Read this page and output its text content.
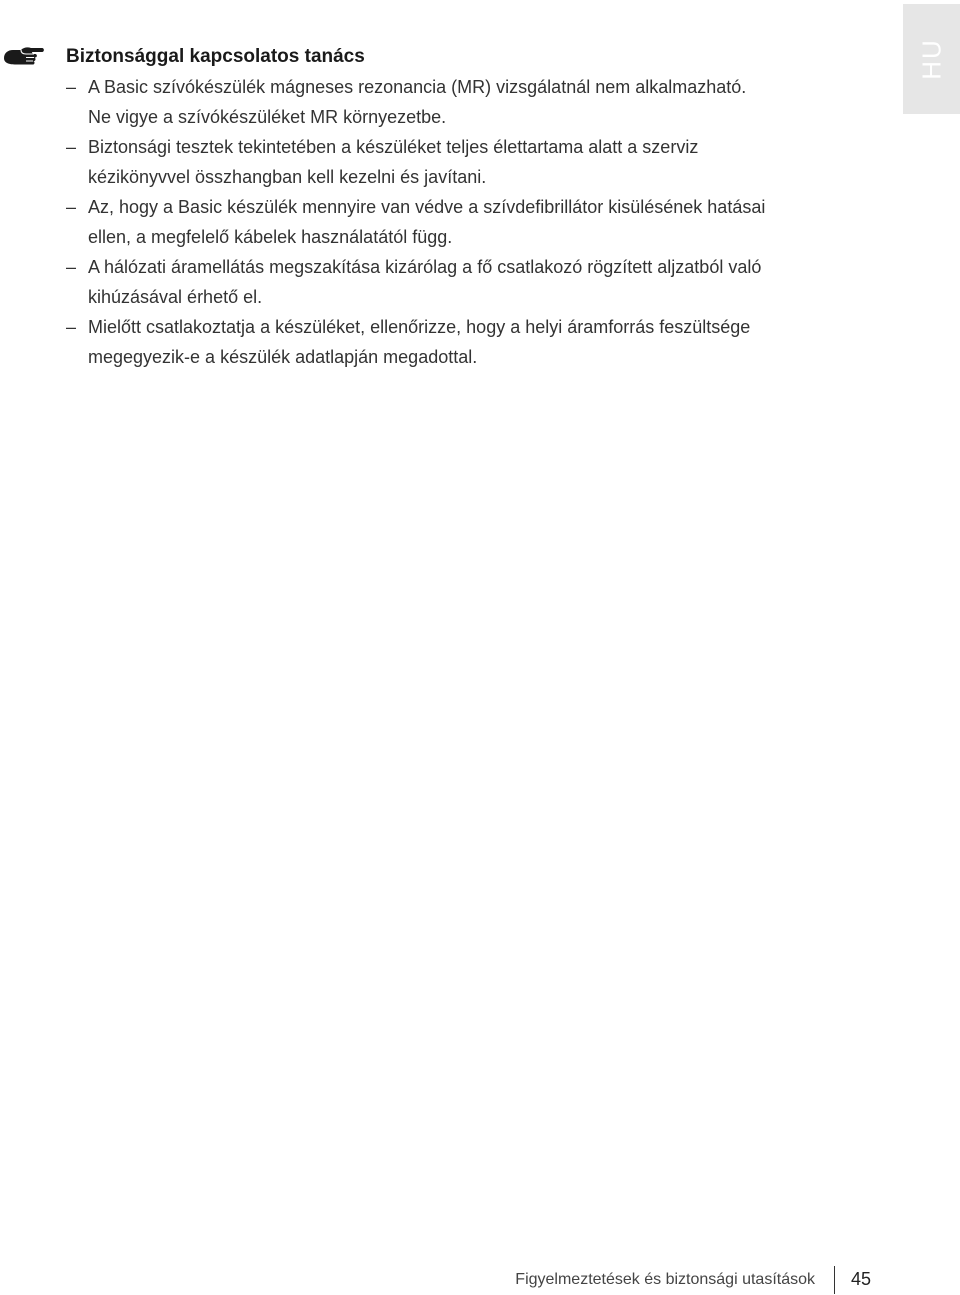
Biztonsággal kapcsolatos tanács
– A Basic szívókészülék mágneses rezonancia (MR) vizsgálatnál nem alkalmazható.
Ne vigye a szívókészüléket MR környezetbe.
– Biztonsági tesztek tekintetében a készüléket teljes élettartama alatt a szerviz
kézikönyvvel összhangban kell kezelni és javítani.
– Az, hogy a Basic készülék mennyire van védve a szívdefibrillátor kisülésének hatásai
ellen, a megfelelő kábelek használatától függ.
– A hálózati áramellátás megszakítása kizárólag a fő csatlakozó rögzített aljzatból való
kihúzásával érhető el.
– Mielőtt csatlakoztatja a készüléket, ellenőrizze, hogy a helyi áramforrás feszültsége
megegyezik-e a készülék adatlapján megadottal.
HU
Figyelmeztetések és biztonsági utasítások 45
